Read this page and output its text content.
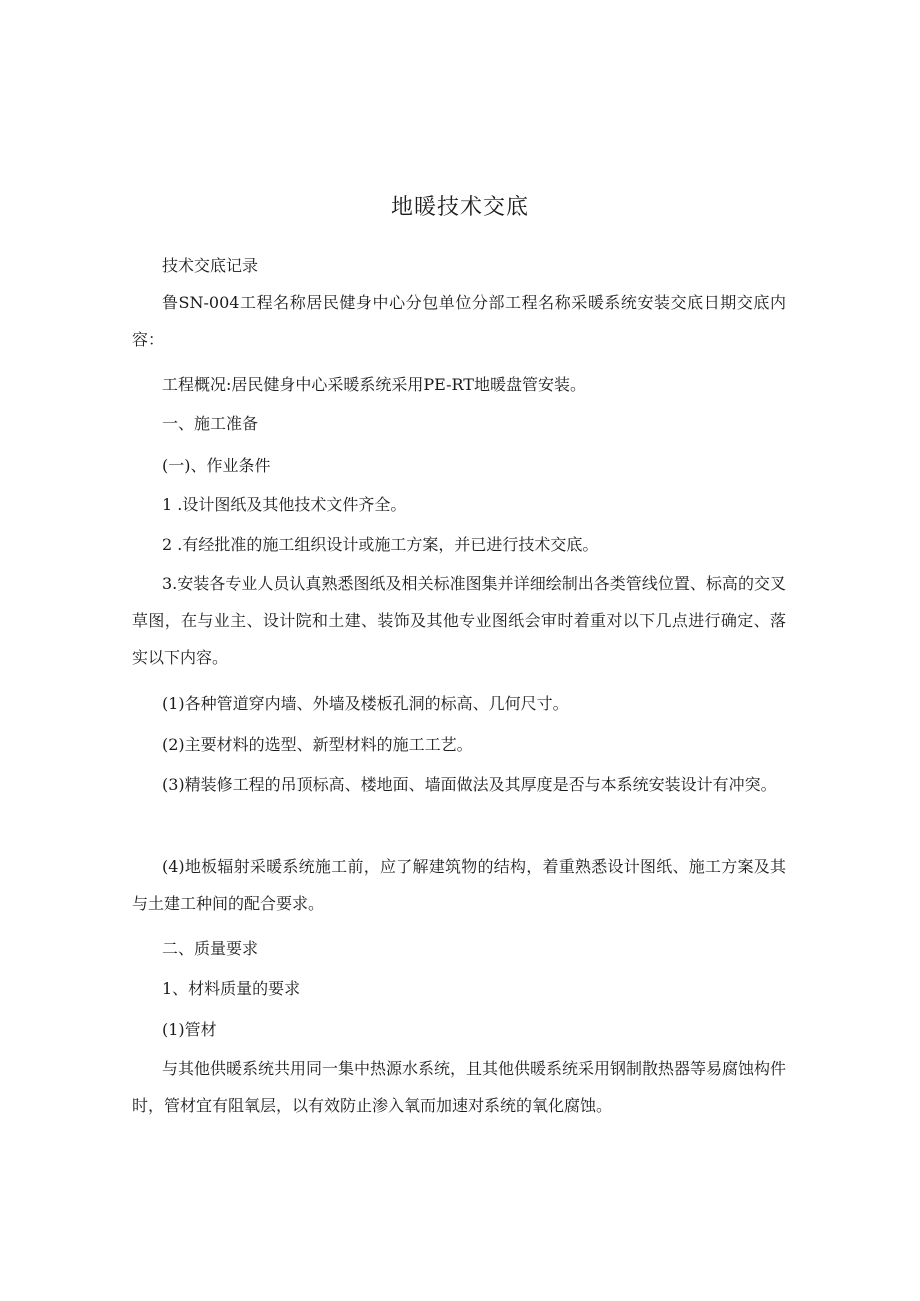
地暖技术交底

技术交底记录

鲁SN-004工程名称居民健身中心分包单位分部工程名称采暖系统安装交底日期交底内容：

工程概况:居民健身中心采暖系统采用PE-RT地暖盘管安装。

一、施工准备

(一)、作业条件

1 .设计图纸及其他技术文件齐全。

2 .有经批准的施工组织设计或施工方案，并已进行技术交底。

3.安装各专业人员认真熟悉图纸及相关标准图集并详细绘制出各类管线位置、标高的交叉草图，在与业主、设计院和土建、装饰及其他专业图纸会审时着重对以下几点进行确定、落实以下内容。

(1)各种管道穿内墙、外墙及楼板孔洞的标高、几何尺寸。

(2)主要材料的选型、新型材料的施工工艺。

(3)精装修工程的吊顶标高、楼地面、墙面做法及其厚度是否与本系统安装设计有冲突。

(4)地板辐射采暖系统施工前，应了解建筑物的结构，着重熟悉设计图纸、施工方案及其与土建工种间的配合要求。

二、质量要求

1、材料质量的要求

(1)管材

与其他供暖系统共用同一集中热源水系统，且其他供暖系统采用钢制散热器等易腐蚀构件时，管材宜有阻氧层，以有效防止渗入氧而加速对系统的氧化腐蚀。
